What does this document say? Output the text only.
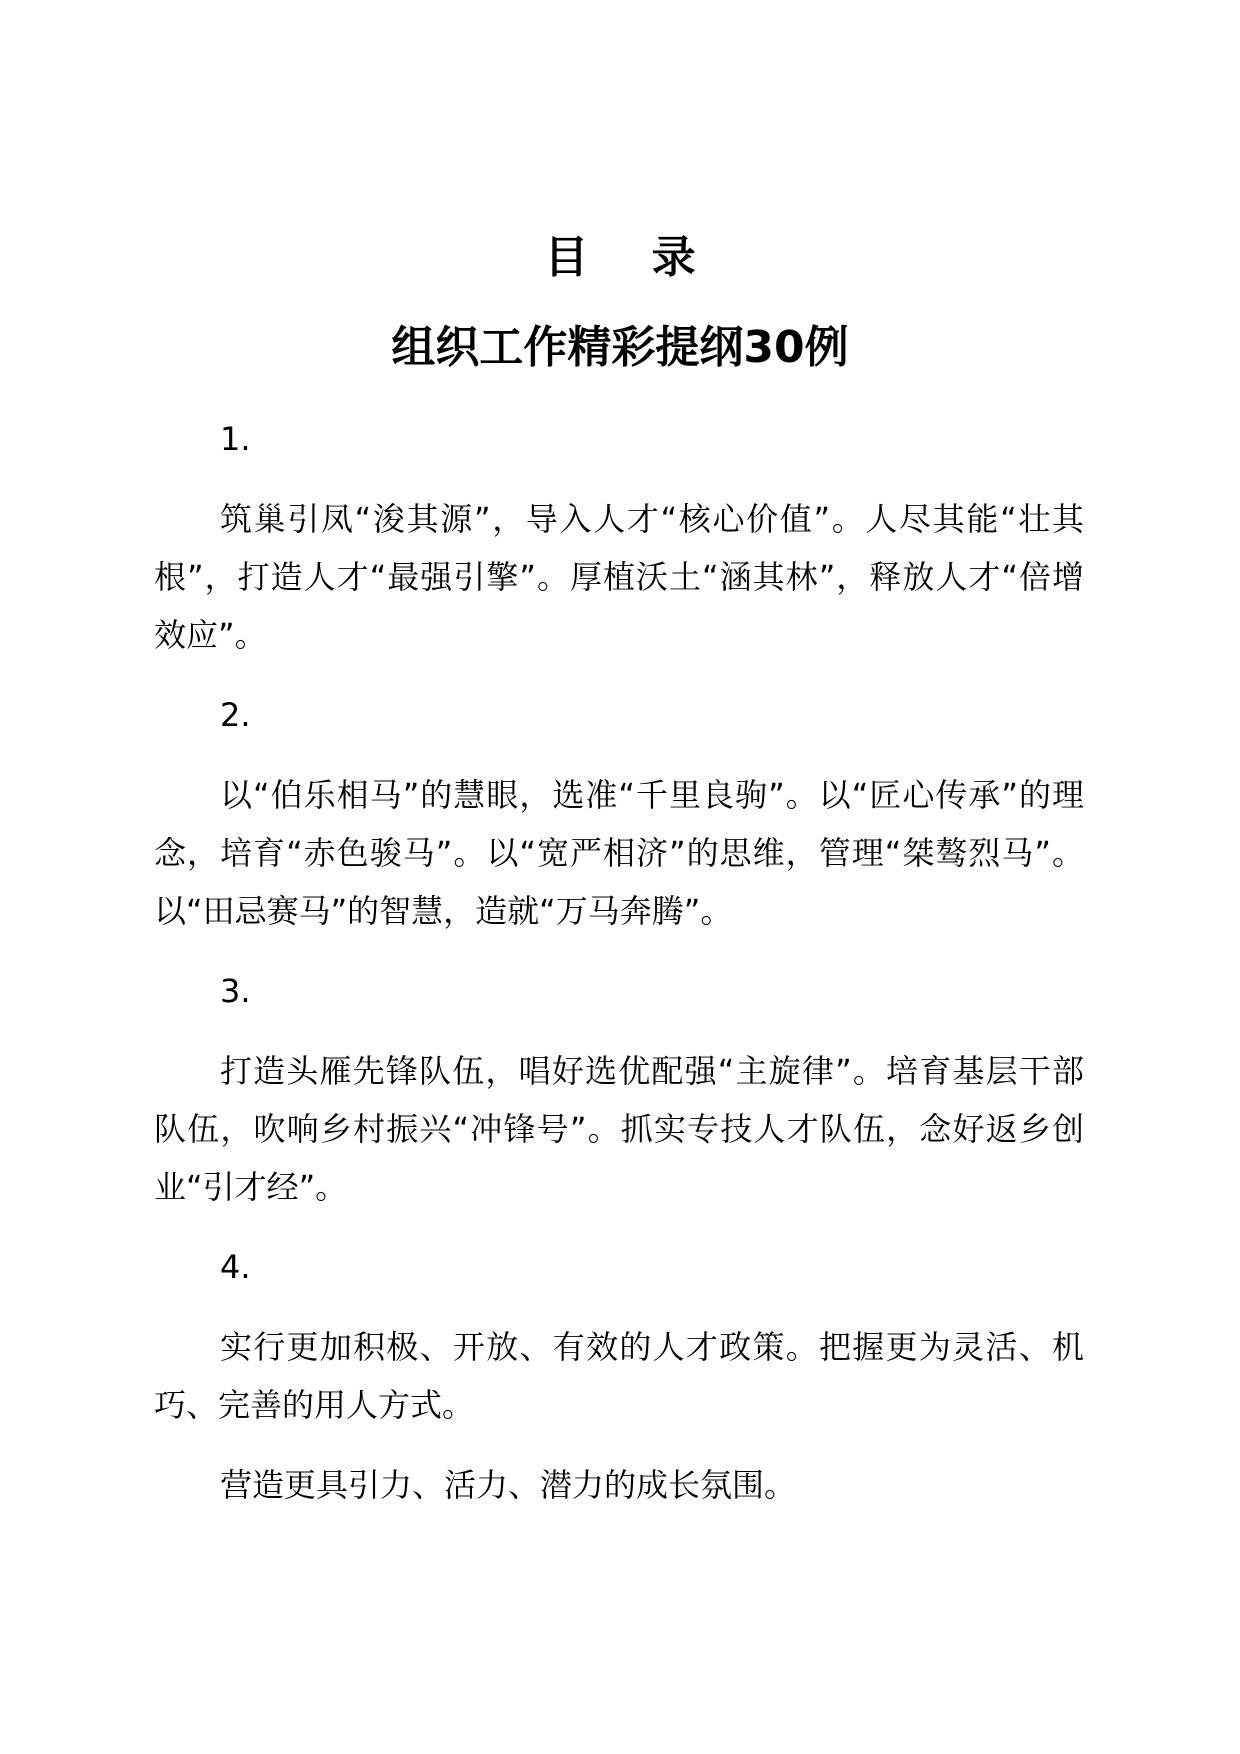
目 录
组织工作精彩提纲30例

1.

筑巢引凤“浚其源”，导入人才“核心价值”。人尽其能“壮其根”，打造人才“最强引擎”。厚植沃土“涵其林”，释放人才“倍增效应”。

2.

以“伯乐相马”的慧眼，选准“千里良驹”。以“匠心传承”的理念，培育“赤色骏马”。以“宽严相济”的思维，管理“桀骜烈马”。以“田忌赛马”的智慧，造就“万马奔腾”。

3.

打造头雁先锋队伍，唱好选优配强“主旋律”。培育基层干部队伍，吹响乡村振兴“冲锋号”。抓实专技人才队伍，念好返乡创业“引才经”。

4.

实行更加积极、开放、有效的人才政策。把握更为灵活、机巧、完善的用人方式。

营造更具引力、活力、潜力的成长氛围。
